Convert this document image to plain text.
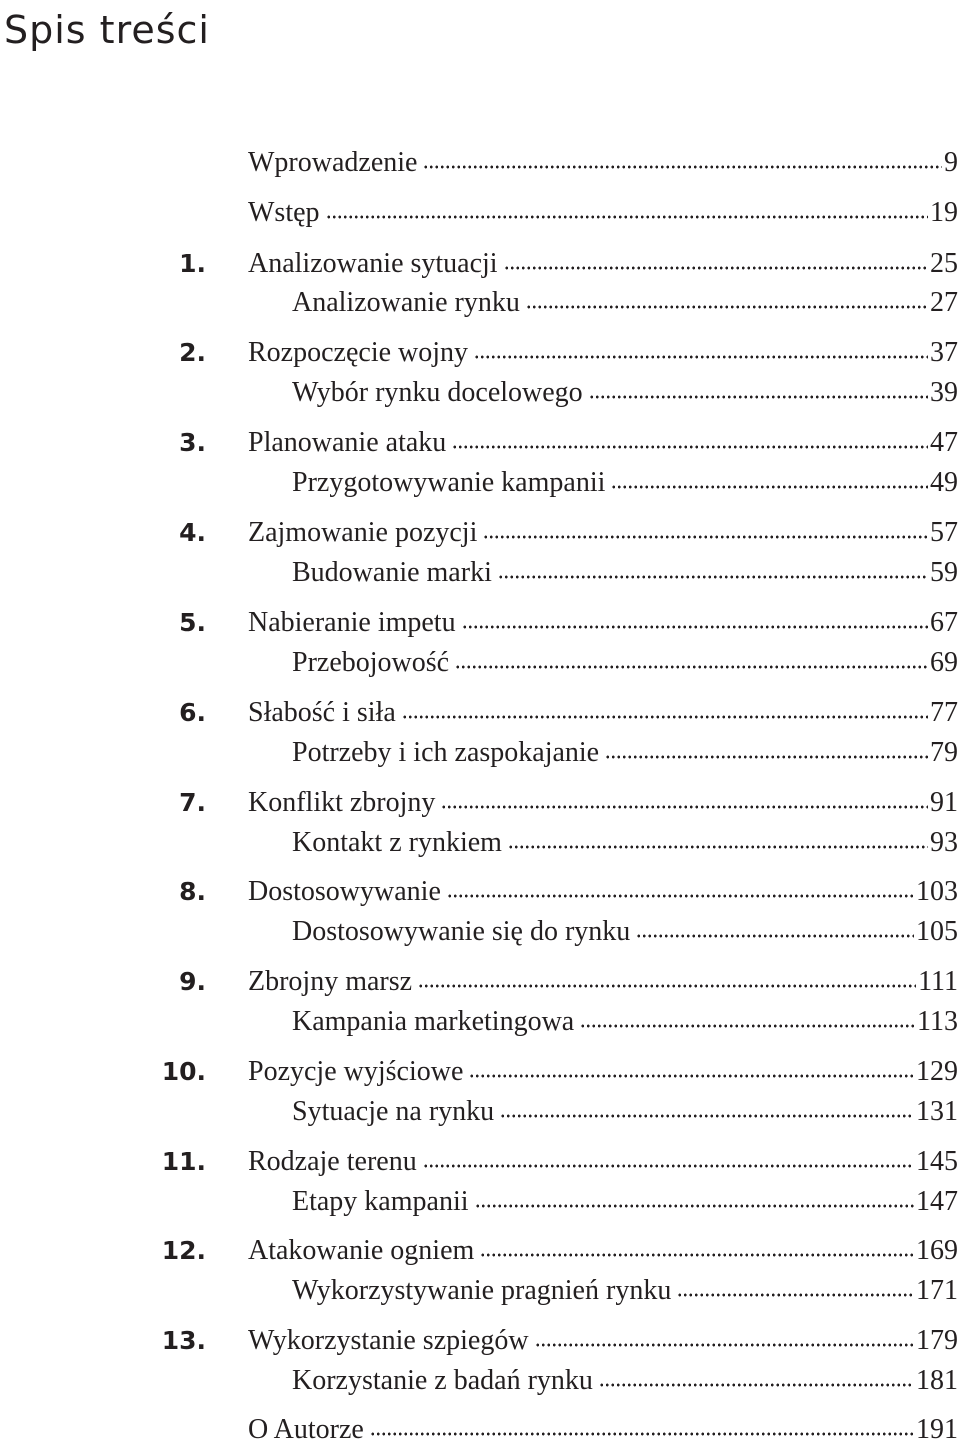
Spis treści
Wprowadzenie	9
Wstęp	19
1. Analizowanie sytuacji	25
Analizowanie rynku	27
2. Rozpoczęcie wojny	37
Wybór rynku docelowego	39
3. Planowanie ataku	47
Przygotowywanie kampanii	49
4. Zajmowanie pozycji	57
Budowanie marki	59
5. Nabieranie impetu	67
Przebojowość	69
6. Słabość i siła	77
Potrzeby i ich zaspokajanie	79
7. Konflikt zbrojny	91
Kontakt z rynkiem	93
8. Dostosowywanie	103
Dostosowywanie się do rynku	105
9. Zbrojny marsz	111
Kampania marketingowa	113
10. Pozycje wyjściowe	129
Sytuacje na rynku	131
11. Rodzaje terenu	145
Etapy kampanii	147
12. Atakowanie ogniem	169
Wykorzystywanie pragnień rynku	171
13. Wykorzystanie szpiegów	179
Korzystanie z badań rynku	181
O Autorze	191
